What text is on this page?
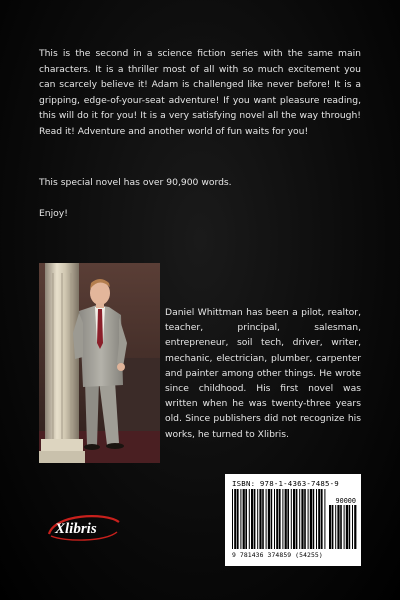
This is the second in a science fiction series with the same main characters. It is a thriller most of all with so much excitement you can scarcely believe it! Adam is challenged like never before! It is a gripping, edge-of-your-seat adventure! If you want pleasure reading, this will do it for you! It is a very satisfying novel all the way through! Read it! Adventure and another world of fun waits for you!

This special novel has over 90,900 words.

Enjoy!

Daniel Whittman has been a pilot, realtor, teacher, principal, salesman, entrepreneur, soil tech, driver, writer, mechanic, electrician, plumber, carpenter and painter among other things. He wrote since childhood. His first novel was written when he was twenty-three years old. Since publishers did not recognize his works, he turned to Xlibris.

Xlibris
ISBN: 978-1-4363-7485-9
90000
9 781436 374859 (54255)
